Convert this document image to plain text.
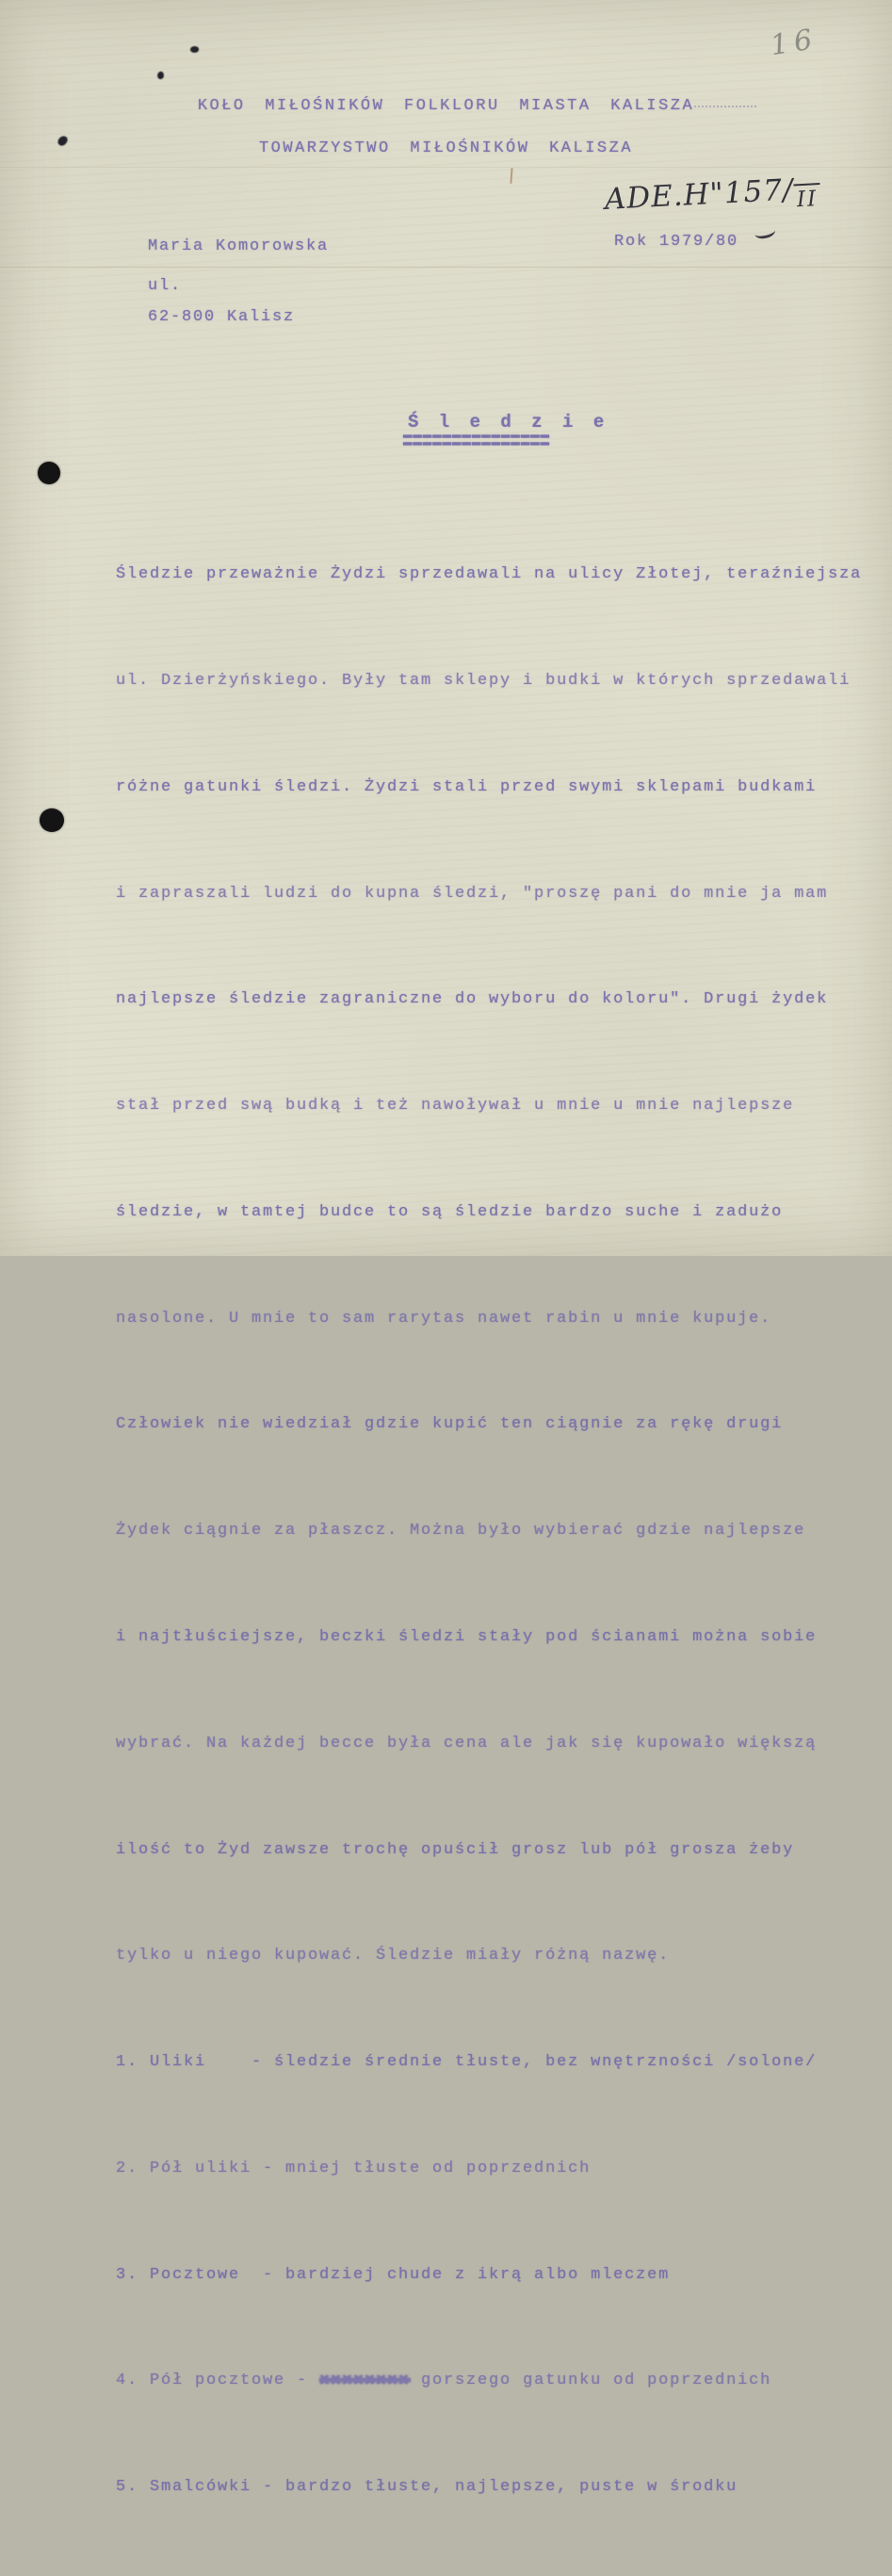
16
KOŁO MIŁOŚNIKÓW FOLKLORU MIASTA KALISZA
TOWARZYSTWO MIŁOŚNIKÓW KALISZA
ADE.H"157/II
Rok 1979/80
Maria Komorowska
ul.
62-800 Kalisz
Ś l e d z i e
===============

Śledzie przeważnie Żydzi sprzedawali na ulicy Złotej, teraźniejsza

ul. Dzierżyńskiego. Były tam sklepy i budki w których sprzedawali

różne gatunki śledzi. Żydzi stali przed swymi sklepami budkami

i zapraszali ludzi do kupna śledzi, "proszę pani do mnie ja mam

najlepsze śledzie zagraniczne do wyboru do koloru". Drugi żydek

stał przed swą budką i też nawoływał u mnie u mnie najlepsze

śledzie, w tamtej budce to są śledzie bardzo suche i zadużo

nasolone. U mnie to sam rarytas nawet rabin u mnie kupuje.

Człowiek nie wiedział gdzie kupić ten ciągnie za rękę drugi

Żydek ciągnie za płaszcz. Można było wybierać gdzie najlepsze

i najtłuściejsze, beczki śledzi stały pod ścianami można sobie

wybrać. Na każdej becce była cena ale jak się kupowało większą

ilość to Żyd zawsze trochę opuścił grosz lub pół grosza żeby

tylko u niego kupować. Śledzie miały różną nazwę.

1. Uliki    - śledzie średnie tłuste, bez wnętrzności /solone/

2. Pół uliki - mniej tłuste od poprzednich

3. Pocztowe  - bardziej chude z ikrą albo mleczem

4. Pół pocztowe - xxxxxxxx gorszego gatunku od poprzednich

5. Smalcówki - bardzo tłuste, najlepsze, puste w środku
